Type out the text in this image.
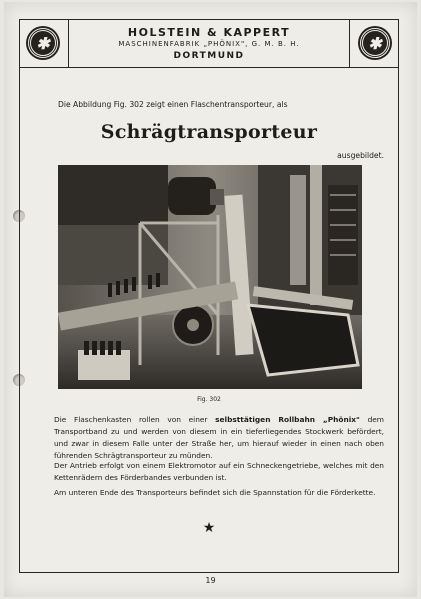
✱
HOLSTEIN & KAPPERT
MASCHINENFABRIK „PHÖNIX", G. M. B. H.
DORTMUND
✱
Die Abbildung Fig. 302 zeigt einen Flaschentransporteur, als
Schrägtransporteur
ausgebildet.
Fig. 302

Die Flaschenkasten rollen von einer selbsttätigen Rollbahn „Phönix" dem Transportband zu und werden von diesem in ein tieferliegendes Stockwerk befördert, und zwar in diesem Falle unter der Straße her, um hierauf wieder in einen nach oben führenden Schrägtransporteur zu münden.

Der Antrieb erfolgt von einem Elektromotor auf ein Schneckengetriebe, welches mit den Kettenrädern des Förderbandes verbunden ist.

Am unteren Ende des Transporteurs befindet sich die Spannstation für die Förderkette.

★
19
